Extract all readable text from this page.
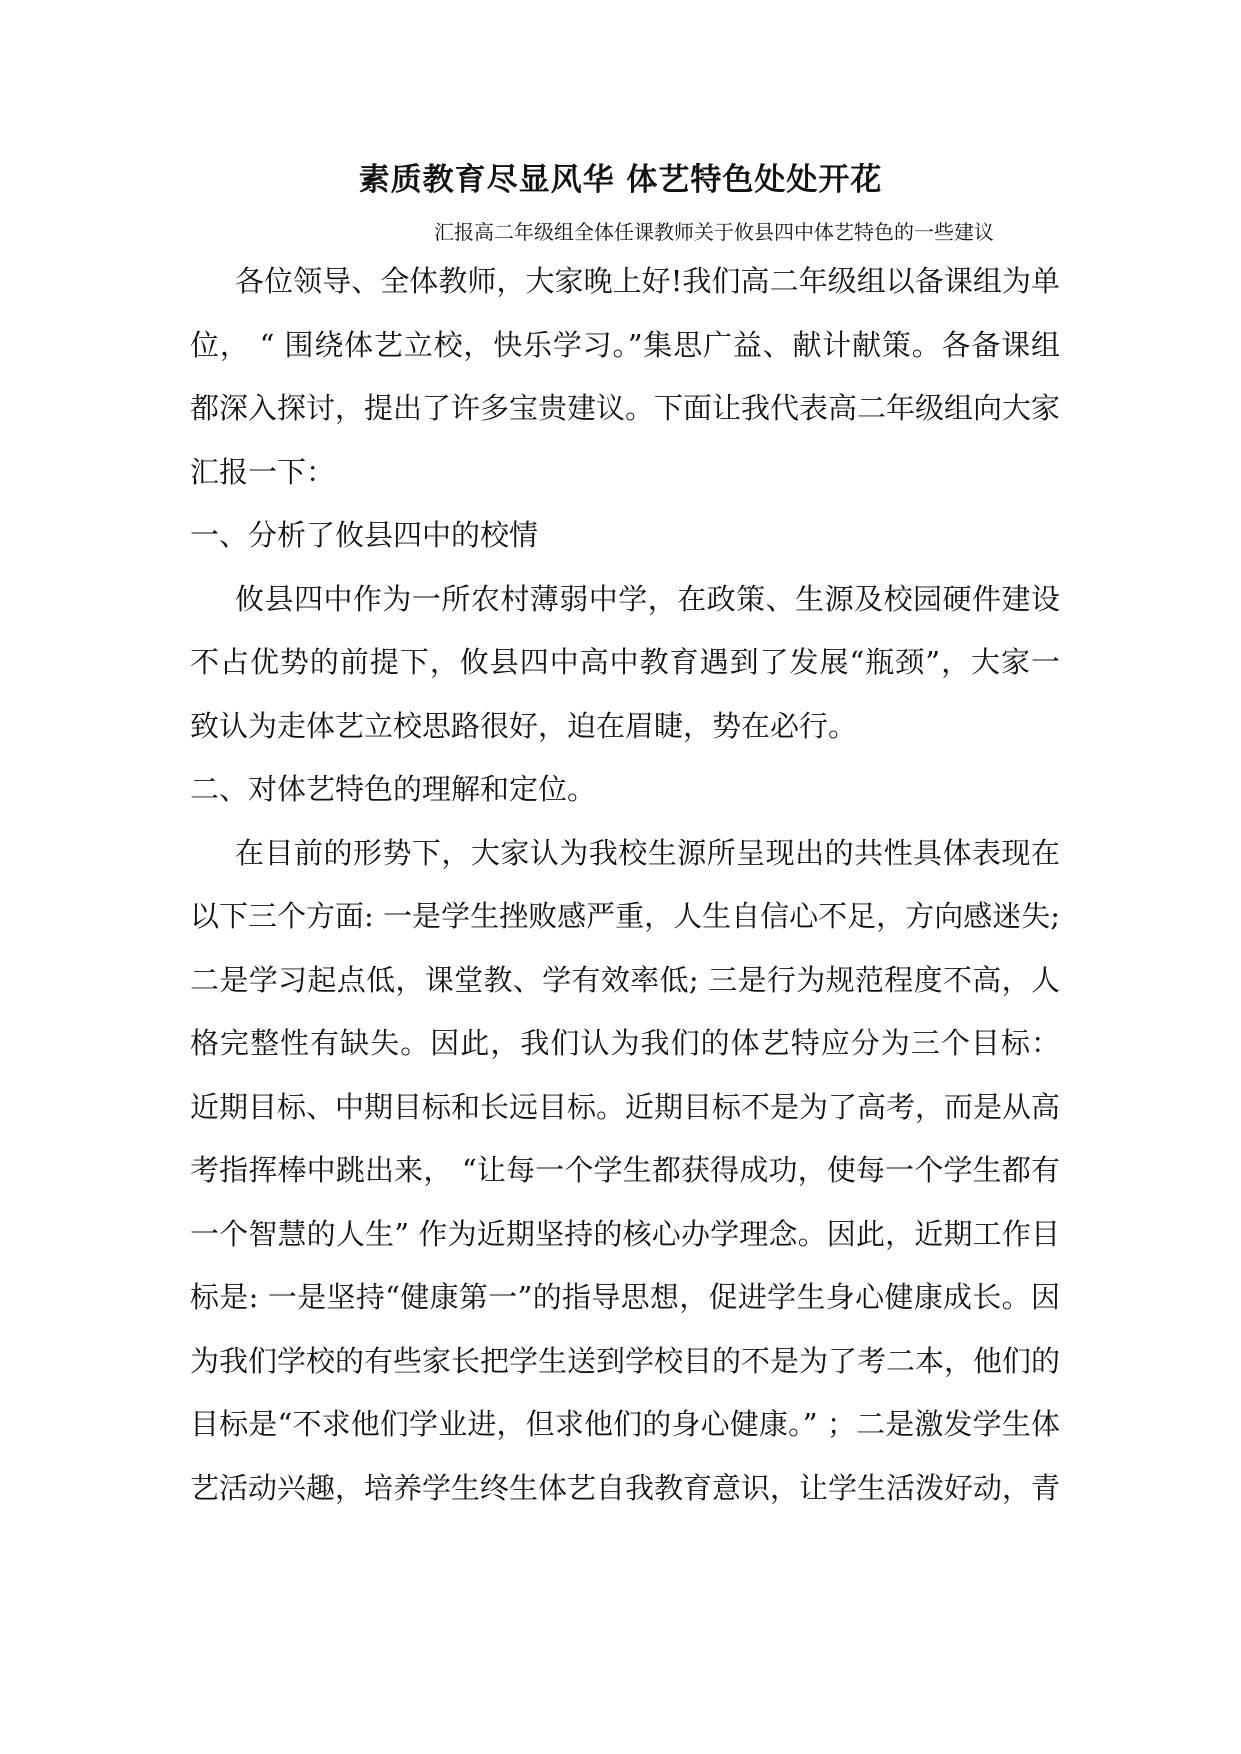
素质教育尽显风华 体艺特色处处开花

汇报高二年级组全体任课教师关于攸县四中体艺特色的一些建议

各位领导、全体教师，大家晚上好!我们高二年级组以备课组为单位， “ 围绕体艺立校，快乐学习。”集思广益、献计献策。各备课组都深入探讨，提出了许多宝贵建议。下面让我代表高二年级组向大家汇报一下：

一、分析了攸县四中的校情

攸县四中作为一所农村薄弱中学，在政策、生源及校园硬件建设不占优势的前提下，攸县四中高中教育遇到了发展“瓶颈”，大家一致认为走体艺立校思路很好，迫在眉睫，势在必行。

二、对体艺特色的理解和定位。

在目前的形势下，大家认为我校生源所呈现出的共性具体表现在以下三个方面: 一是学生挫败感严重，人生自信心不足，方向感迷失; 二是学习起点低，课堂教、学有效率低; 三是行为规范程度不高，人格完整性有缺失。因此，我们认为我们的体艺特应分为三个目标： 近期目标、中期目标和长远目标。近期目标不是为了高考，而是从高考指挥棒中跳出来， “让每一个学生都获得成功，使每一个学生都有一个智慧的人生” 作为近期坚持的核心办学理念。因此，近期工作目标是: 一是坚持“健康第一”的指导思想，促进学生身心健康成长。因为我们学校的有些家长把学生送到学校目的不是为了考二本，他们的目标是“不求他们学业进，但求他们的身心健康。” ；二是激发学生体艺活动兴趣，培养学生终生体艺自我教育意识，让学生活泼好动，青
